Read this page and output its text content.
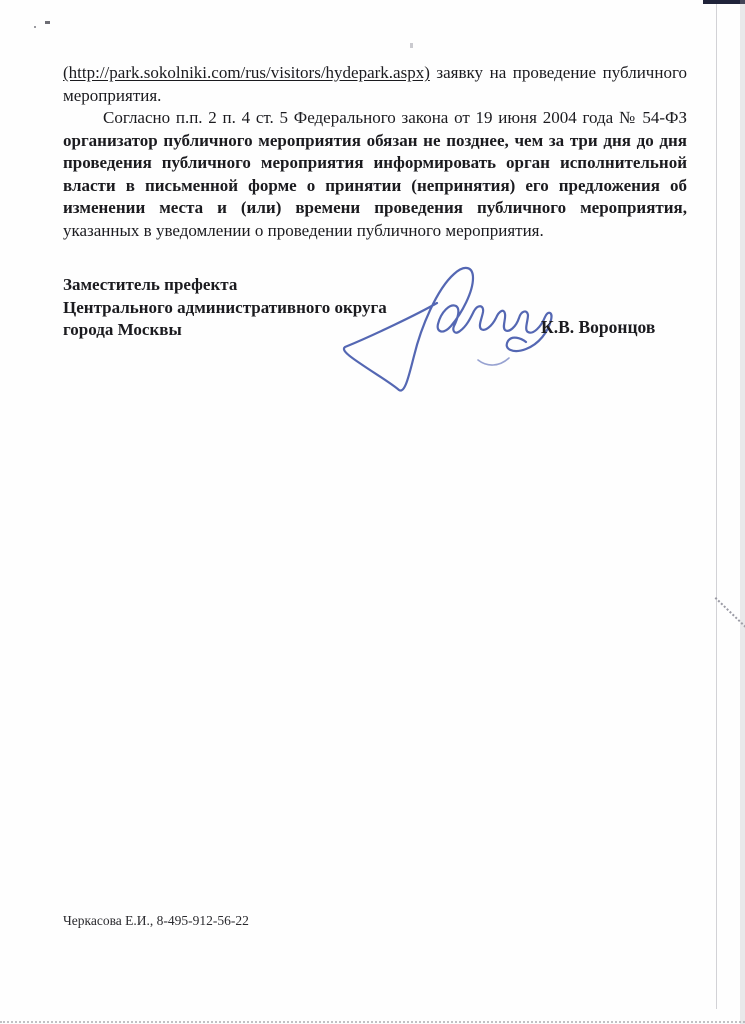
(http://park.sokolniki.com/rus/visitors/hydepark.aspx) заявку на проведение публичного мероприятия.

Согласно п.п. 2 п. 4 ст. 5 Федерального закона от 19 июня 2004 года № 54-ФЗ организатор публичного мероприятия обязан не позднее, чем за три дня до дня проведения публичного мероприятия информировать орган исполнительной власти в письменной форме о принятии (непринятия) его предложения об изменении места и (или) времени проведения публичного мероприятия, указанных в уведомлении о проведении публичного мероприятия.

Заместитель префекта
Центрального административного округа
города Москвы	К.В. Воронцов
Черкасова Е.И., 8-495-912-56-22
